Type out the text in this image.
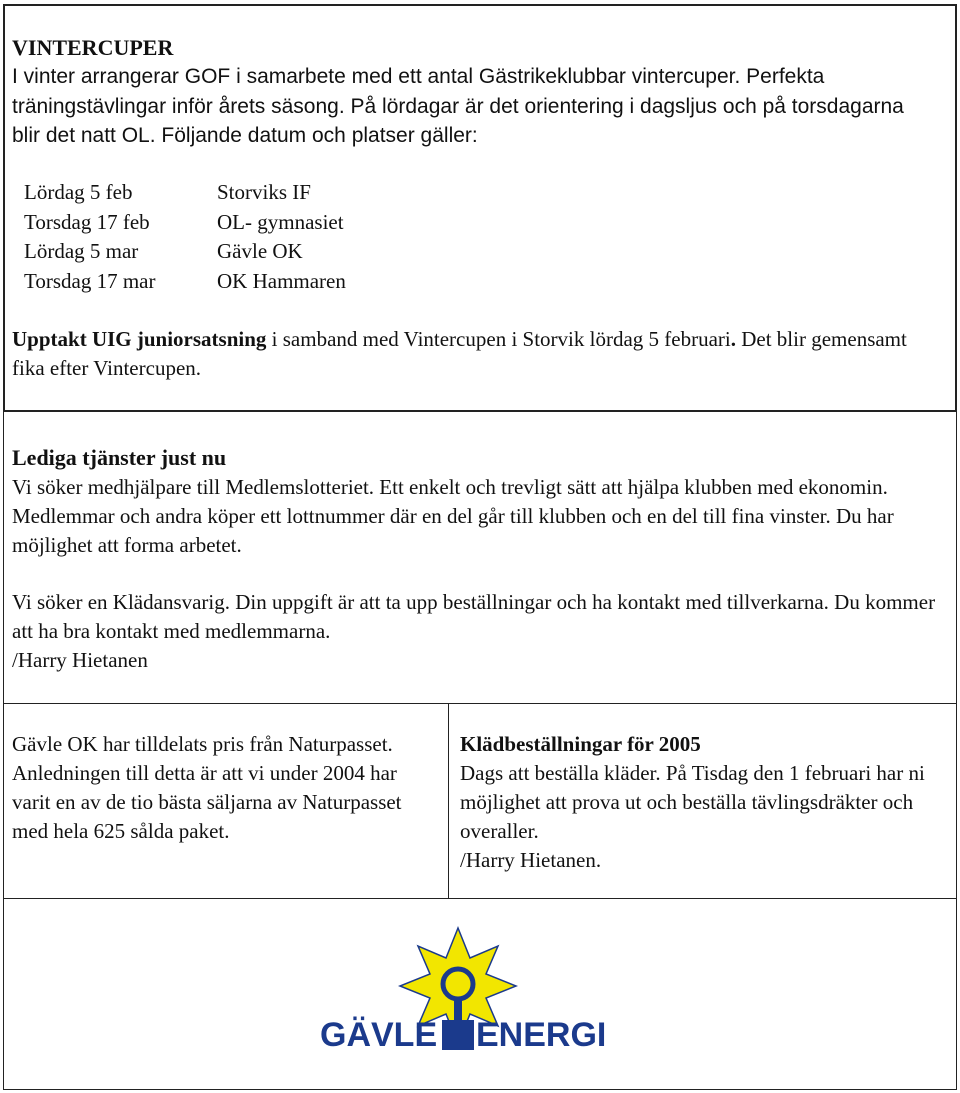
VINTERCUPER
I vinter arrangerar GOF i samarbete med ett antal Gästrikeklubbar vintercuper. Perfekta träningstävlingar inför årets säsong. På lördagar är det orientering i dagsljus och på torsdagarna blir det natt OL. Följande datum och platser gäller:
Lördag 5 feb	Storviks IF
Torsdag 17 feb	OL- gymnasiet
Lördag 5 mar	Gävle OK
Torsdag 17 mar	OK Hammaren
Upptakt UIG juniorsatsning i samband med Vintercupen i Storvik lördag 5 februari. Det blir gemensamt fika efter Vintercupen.
Lediga tjänster just nu
Vi söker medhjälpare till Medlemslotteriet. Ett enkelt och trevligt sätt att hjälpa klubben med ekonomin. Medlemmar och andra köper ett lottnummer där en del går till klubben och en del till fina vinster. Du har möjlighet att forma arbetet.
Vi söker en Klädansvarig. Din uppgift är att ta upp beställningar och ha kontakt med tillverkarna. Du kommer att ha bra kontakt med medlemmarna.
/Harry Hietanen
Gävle OK har tilldelats pris från Naturpasset. Anledningen till detta är att vi under 2004 har varit en av de tio bästa säljarna av Naturpasset med hela 625 sålda paket.
Klädbeställningar för 2005
Dags att beställa kläder. På Tisdag den 1 februari har ni möjlighet att prova ut och beställa tävlingsdräkter och overaller.
/Harry Hietanen.
GÄVLE ENERGI
